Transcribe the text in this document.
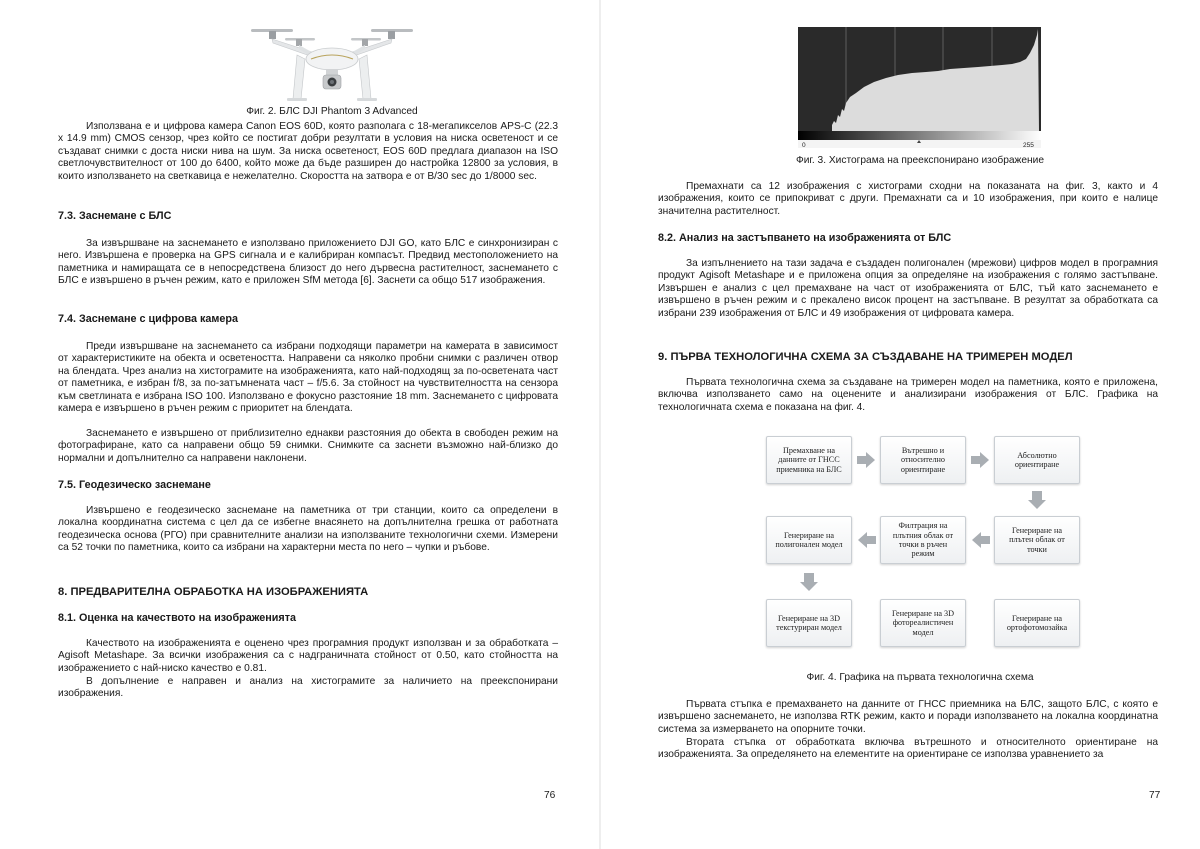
Фиг. 2. БЛС DJI Phantom 3 Advanced

Използвана е и цифрова камера Canon EOS 60D, която разполага с 18-мегапикселов APS-C (22.3 x 14.9 mm) CMOS сензор, чрез който се постигат добри резултати в условия на ниска осветеност и се създават снимки с доста ниски нива на шум. За ниска осветеност, EOS 60D предлага диапазон на ISO светлочувствителност от 100 до 6400, който може да бъде разширен до настройка 12800 за условия, в които използването на светкавица е нежелателно. Скоростта на затвора е от В/30 sec до 1/8000 sec.

7.3. Заснемане с БЛС

За извършване на заснемането е използвано приложението DJI GO, като БЛС е синхронизиран с него. Извършена е проверка на GPS сигнала и е калибриран компасът. Предвид местоположението на паметника и намиращата се в непосредствена близост до него дървесна растителност, заснемането с БЛС е извършено в ръчен режим, като е приложен SfM метода [6]. Заснети са общо 517 изображения.

7.4. Заснемане с цифрова камера

Преди извършване на заснемането са избрани подходящи параметри на камерата в зависимост от характеристиките на обекта и осветеността. Направени са няколко пробни снимки с различен отвор на блендата. Чрез анализ на хистограмите на изображенията, като най-подходящ за по-осветената част от паметника, е избран f/8, за по-затъмнената част – f/5.6. За стойност на чувствителността на сензора към светлината е избрана ISO 100. Използвано е фокусно разстояние 18 mm. Заснемането с цифровата камера е извършено в ръчен режим с приоритет на блендата.

Заснемането е извършено от приблизително еднакви разстояния до обекта в свободен режим на фотографиране, като са направени общо 59 снимки. Снимките са заснети възможно най-близко до нормални и допълнително са направени наклонени.

7.5. Геодезическо заснемане

Извършено е геодезическо заснемане на паметника от три станции, които са определени в локална координатна система с цел да се избегне внасянето на допълнителна грешка от работната геодезическа основа (РГО) при сравнителните анализи на използваните технологични схеми. Измерени са 52 точки по паметника, които са избрани на характерни места по него – чупки и ръбове.

8. ПРЕДВАРИТЕЛНА ОБРАБОТКА НА ИЗОБРАЖЕНИЯТА

8.1. Оценка на качеството на изображенията

Качеството на изображенията е оценено чрез програмния продукт използван и за обработката – Agisoft Metashape. За всички изображения са с надграничната стойност от 0.50, като стойността на изображението с най-ниско качество е 0.81.

В допълнение е направен и анализ на хистограмите за наличието на преекспонирани изображения.

76
0	255

Фиг. 3. Хистограма на преекспонирано изображение

Премахнати са 12 изображения с хистограми сходни на показаната на фиг. 3, както и 4 изображения, които се припокриват с други. Премахнати са и 10 изображения, при които е налице значителна растителност.

8.2. Анализ на застъпването на изображенията от БЛС

За изпълнението на тази задача е създаден полигонален (мрежови) цифров модел в програмния продукт Agisoft Metashape и е приложена опция за определяне на изображения с голямо застъпване. Извършен е анализ с цел премахване на част от изображенията от БЛС, тъй като заснемането е извършено в ръчен режим и с прекалено висок процент на застъпване. В резултат за обработката са избрани 239 изображения от БЛС и 49 изображения от цифровата камера.

9. ПЪРВА ТЕХНОЛОГИЧНА СХЕМА ЗА СЪЗДАВАНЕ НА ТРИМЕРЕН МОДЕЛ

Първата технологична схема за създаване на тримерен модел на паметника, която е приложена, включва използването само на оценените и анализирани изображения от БЛС. Графика на технологичната схема е показана на фиг. 4.

Премахване на данните от ГНСС приемника на БЛС
Вътрешно и относително ориентиране
Абсолютно ориентиране
Генериране на плътен облак от точки
Филтрация на плътния облак от точки в ръчен режим
Генериране на полигонален модел
Генериране на 3D текстуриран модел
Генериране на 3D фотореалистичен модел
Генериране на ортофотомозайка

Фиг. 4. Графика на първата технологична схема

Първата стъпка е премахването на данните от ГНСС приемника на БЛС, защото БЛС, с която е извършено заснемането, не използва RTK режим, както и поради използването на локална координатна система за измерването на опорните точки.

Втората стъпка от обработката включва вътрешното и относителното ориентиране на изображенията. За определянето на елементите на ориентиране се използва уравнението за

77
